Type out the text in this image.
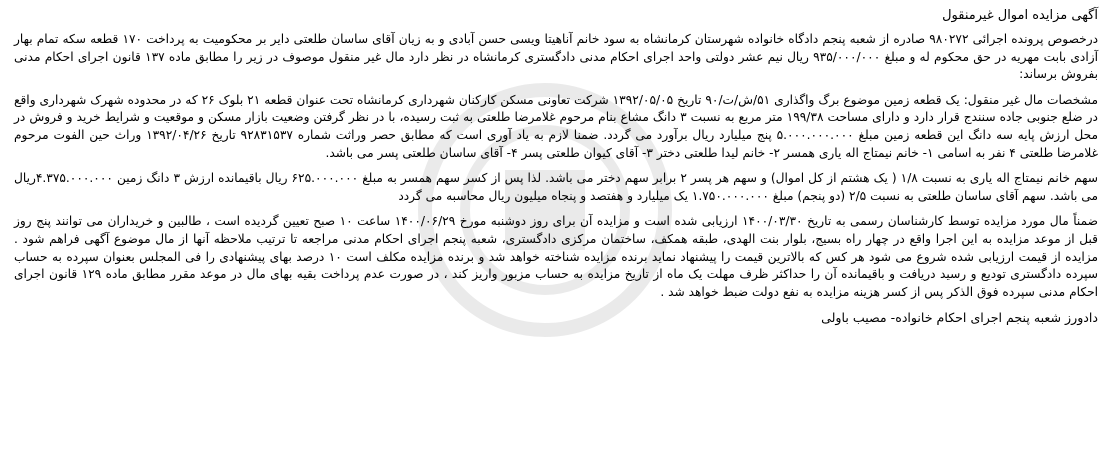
آگهی مزایده اموال غیرمنقول

درخصوص پرونده اجرائی ۹۸۰۲۷۲ صادره از شعبه پنجم دادگاه خانواده شهرستان کرمانشاه به سود خانم آناهیتا ویسی حسن آبادی و به زیان آقای ساسان طلعتی دایر بر محکومیت به پرداخت ۱۷۰ قطعه سکه تمام بهار آزادی بابت مهریه در حق محکوم له و مبلغ ۹۳۵/۰۰۰/۰۰۰ ریال نیم عشر دولتی واحد اجرای احکام مدنی دادگستری کرمانشاه در نظر دارد مال غیر منقول موصوف در زیر را مطابق ماده ۱۳۷ قانون اجرای احکام مدنی بفروش برساند:

مشخصات مال غیر منقول: یک قطعه زمین موضوع برگ واگذاری ۵۱/ش/ت/۹۰ تاریخ ۱۳۹۲/۰۵/۰۵ شرکت تعاونی مسکن کارکنان شهرداری کرمانشاه تحت عنوان قطعه ۲۱ بلوک ۲۶ که در محدوده شهرک شهرداری واقع در ضلع جنوبی جاده سنندج قرار دارد و دارای مساحت ۱۹۹/۳۸ متر مربع به نسبت ۳ دانگ مشاع بنام مرحوم غلامرضا طلعتی به ثبت رسیده، با در نظر گرفتن وضعیت بازار مسکن و موقعیت و شرایط خرید و فروش در محل ارزش پایه سه دانگ این قطعه زمین مبلغ ۵.۰۰۰.۰۰۰.۰۰۰ پنج میلیارد ریال برآورد می گردد. ضمنا لازم به یاد آوری است که مطابق حصر وراثت شماره ۹۲۸۳۱۵۳۷ تاریخ ۱۳۹۲/۰۴/۲۶ وراث حین الفوت مرحوم غلامرضا طلعتی ۴ نفر به اسامی ۱- خانم نیمتاج اله یاری همسر ۲- خانم لیدا طلعتی دختر ۳- آقای کیوان طلعتی پسر ۴- آقای ساسان طلعتی پسر می باشد.

سهم خانم نیمتاج اله یاری به نسبت ۱/۸ ( یک هشتم از کل اموال) و سهم هر پسر ۲ برابر سهم دختر می باشد. لذا پس از کسر سهم همسر به مبلغ ۶۲۵.۰۰۰.۰۰۰ ریال باقیمانده ارزش ۳ دانگ زمین ۴.۳۷۵.۰۰۰.۰۰۰ریال می باشد. سهم آقای ساسان طلعتی به نسبت ۲/۵ (دو پنجم) مبلغ ۱.۷۵۰.۰۰۰.۰۰۰ یک میلیارد و هفتصد و پنجاه میلیون ریال محاسبه می گردد

ضمناً مال مورد مزایده توسط کارشناسان رسمی به تاریخ ۱۴۰۰/۰۳/۳۰ ارزیابی شده است و مزایده آن برای روز دوشنبه مورخ ۱۴۰۰/۰۶/۲۹ ساعت ۱۰ صبح تعیین گردیده است ، طالبین و خریداران می توانند پنج روز قبل از موعد مزایده به این اجرا واقع در چهار راه بسیج، بلوار بنت الهدی، طبقه همکف، ساختمان مرکزی دادگستری، شعبه پنجم اجرای احکام مدنی مراجعه تا ترتیب ملاحظه آنها از مال موضوع آگهی فراهم شود . مزایده از قیمت ارزیابی شده شروع می شود هر کس که بالاترین قیمت را پیشنهاد نماید برنده مزایده شناخته خواهد شد و برنده مزایده مکلف است ۱۰ درصد بهای پیشنهادی را فی المجلس بعنوان سپرده به حساب سپرده دادگستری تودیع و رسید دریافت و باقیمانده آن را حداکثر ظرف مهلت یک ماه از تاریخ مزایده به حساب مزبور واریز کند ، در صورت عدم پرداخت بقیه بهای مال در موعد مقرر مطابق ماده ۱۲۹ قانون اجرای احکام مدنی سپرده فوق الذکر پس از کسر هزینه مزایده به نفع دولت ضبط خواهد شد .

دادورز شعبه پنجم اجرای احکام خانواده- مصیب باولی
